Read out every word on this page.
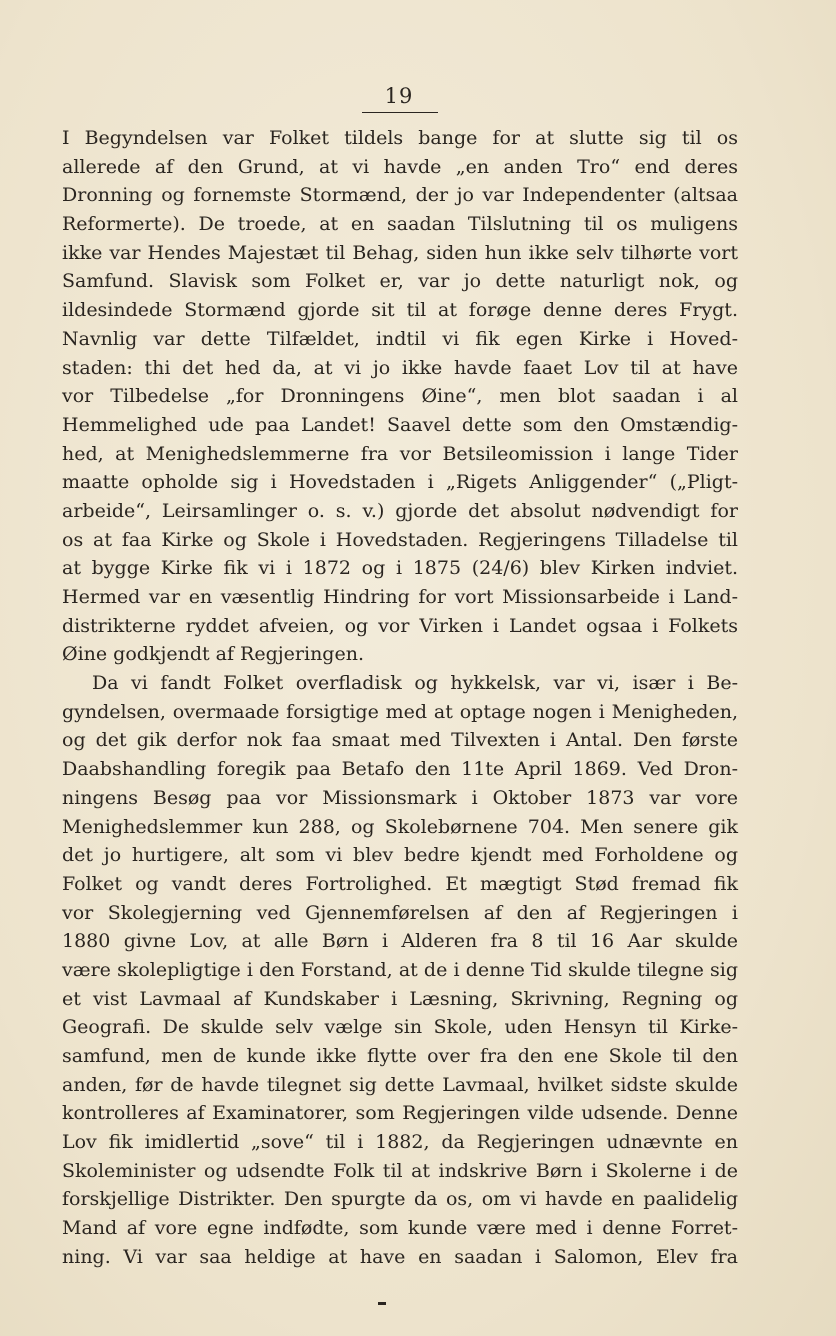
19
I Begyndelsen var Folket tildels bange for at slutte sig til os
allerede af den Grund, at vi havde „en anden Tro“ end deres
Dronning og fornemste Stormænd, der jo var Independenter (altsaa
Reformerte). De troede, at en saadan Tilslutning til os muligens
ikke var Hendes Majestæt til Behag, siden hun ikke selv tilhørte vort
Samfund. Slavisk som Folket er, var jo dette naturligt nok, og
ildesindede Stormænd gjorde sit til at forøge denne deres Frygt.
Navnlig var dette Tilfældet, indtil vi fik egen Kirke i Hoved-
staden: thi det hed da, at vi jo ikke havde faaet Lov til at have
vor Tilbedelse „for Dronningens Øine“, men blot saadan i al
Hemmelighed ude paa Landet! Saavel dette som den Omstændig-
hed, at Menighedslemmerne fra vor Betsileomission i lange Tider
maatte opholde sig i Hovedstaden i „Rigets Anliggender“ („Pligt-
arbeide“, Leirsamlinger o. s. v.) gjorde det absolut nødvendigt for
os at faa Kirke og Skole i Hovedstaden. Regjeringens Tilladelse til
at bygge Kirke fik vi i 1872 og i 1875 (24/6) blev Kirken indviet.
Hermed var en væsentlig Hindring for vort Missionsarbeide i Land-
distrikterne ryddet afveien, og vor Virken i Landet ogsaa i Folkets
Øine godkjendt af Regjeringen.
Da vi fandt Folket overfladisk og hykkelsk, var vi, især i Be-
gyndelsen, overmaade forsigtige med at optage nogen i Menigheden,
og det gik derfor nok faa smaat med Tilvexten i Antal. Den første
Daabshandling foregik paa Betafo den 11te April 1869. Ved Dron-
ningens Besøg paa vor Missionsmark i Oktober 1873 var vore
Menighedslemmer kun 288, og Skolebørnene 704. Men senere gik
det jo hurtigere, alt som vi blev bedre kjendt med Forholdene og
Folket og vandt deres Fortrolighed. Et mægtigt Stød fremad fik
vor Skolegjerning ved Gjennemførelsen af den af Regjeringen i
1880 givne Lov, at alle Børn i Alderen fra 8 til 16 Aar skulde
være skolepligtige i den Forstand, at de i denne Tid skulde tilegne sig
et vist Lavmaal af Kundskaber i Læsning, Skrivning, Regning og
Geografi. De skulde selv vælge sin Skole, uden Hensyn til Kirke-
samfund, men de kunde ikke flytte over fra den ene Skole til den
anden, før de havde tilegnet sig dette Lavmaal, hvilket sidste skulde
kontrolleres af Examinatorer, som Regjeringen vilde udsende. Denne
Lov fik imidlertid „sove“ til i 1882, da Regjeringen udnævnte en
Skoleminister og udsendte Folk til at indskrive Børn i Skolerne i de
forskjellige Distrikter. Den spurgte da os, om vi havde en paalidelig
Mand af vore egne indfødte, som kunde være med i denne Forret-
ning. Vi var saa heldige at have en saadan i Salomon, Elev fra
